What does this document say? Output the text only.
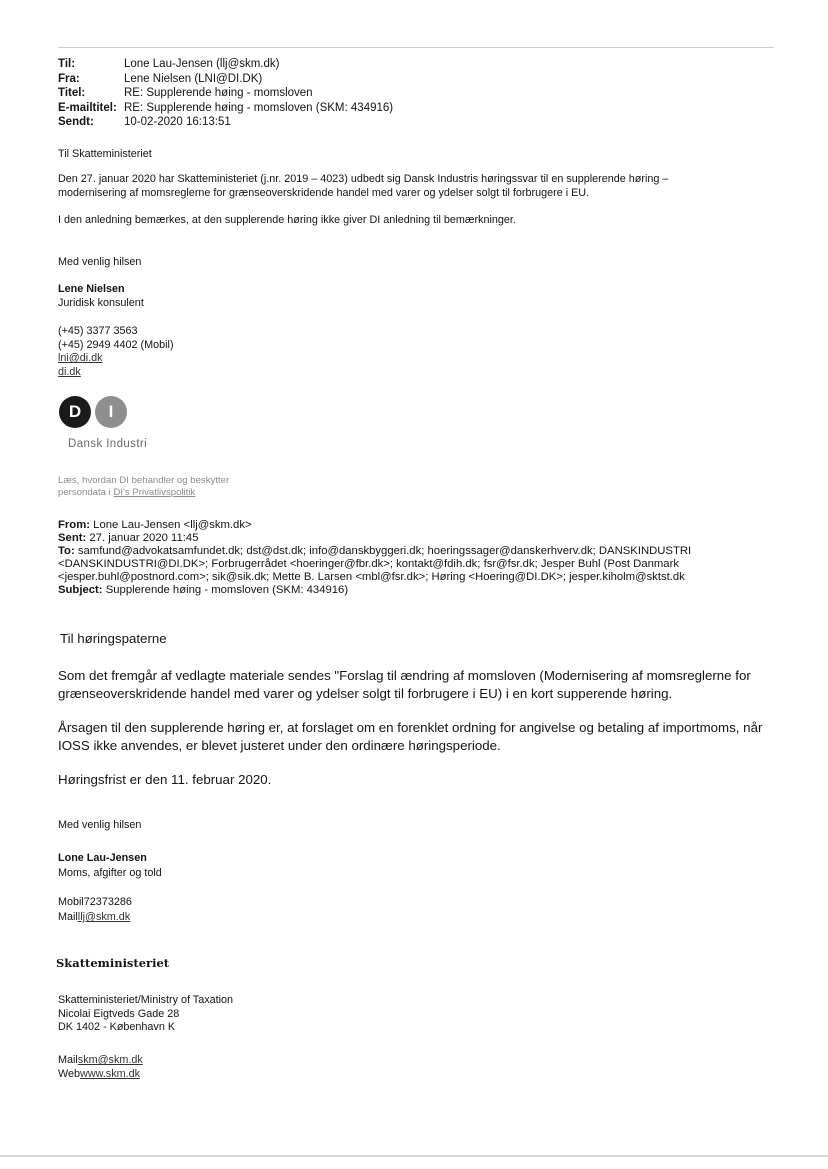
Til:	Lone Lau-Jensen (llj@skm.dk)
Fra:	Lene Nielsen (LNI@DI.DK)
Titel:	RE: Supplerende høing - momsloven
E-mailtitel: RE: Supplerende høing - momsloven (SKM: 434916)
Sendt:	10-02-2020 16:13:51
Til Skatteministeriet
Den 27. januar 2020 har Skatteministeriet (j.nr. 2019 – 4023) udbedt sig Dansk Industris høringssvar til en supplerende høring –
modernisering af momsreglerne for grænseoverskridende handel med varer og ydelser solgt til forbrugere i EU.
I den anledning bemærkes, at den supplerende høring ikke giver DI anledning til bemærkninger.
Med venlig hilsen
Lene Nielsen
Juridisk konsulent
(+45) 3377 3563
(+45) 2949 4402 (Mobil)
lni@di.dk
di.dk
D	I
Dansk Industri
Læs, hvordan DI behandler og beskytter
persondata i DI's Privatlivspolitik
From: Lone Lau-Jensen <llj@skm.dk>
Sent: 27. januar 2020 11:45
To: samfund@advokatsamfundet.dk; dst@dst.dk; info@danskbyggeri.dk; hoeringssager@danskerhverv.dk; DANSKINDUSTRI
<DANSKINDUSTRI@DI.DK>; Forbrugerrådet <hoeringer@fbr.dk>; kontakt@fdih.dk; fsr@fsr.dk; Jesper Buhl (Post Danmark
<jesper.buhl@postnord.com>; sik@sik.dk; Mette B. Larsen <mbl@fsr.dk>; Høring <Hoering@DI.DK>; jesper.kiholm@sktst.dk
Subject: Supplerende høing - momsloven (SKM: 434916)
Til høringspaterne
Som det fremgår af vedlagte materiale sendes "Forslag til ændring af momsloven (Modernisering af momsreglerne for
grænseoverskridende handel med varer og ydelser solgt til forbrugere i EU) i en kort supperende høring.
Årsagen til den supplerende høring er, at forslaget om en forenklet ordning for angivelse og betaling af importmoms, når
IOSS ikke anvendes, er blevet justeret under den ordinære høringsperiode.
Høringsfrist er den 11. februar 2020.
Med venlig hilsen
Lone Lau-Jensen
Moms, afgifter og told
Mobil72373286
Mailllj@skm.dk
Skatteministeriet
Skatteministeriet/Ministry of Taxation
Nicolai Eigtveds Gade 28
DK 1402 - København K
Mailskm@skm.dk
Webwww.skm.dk
